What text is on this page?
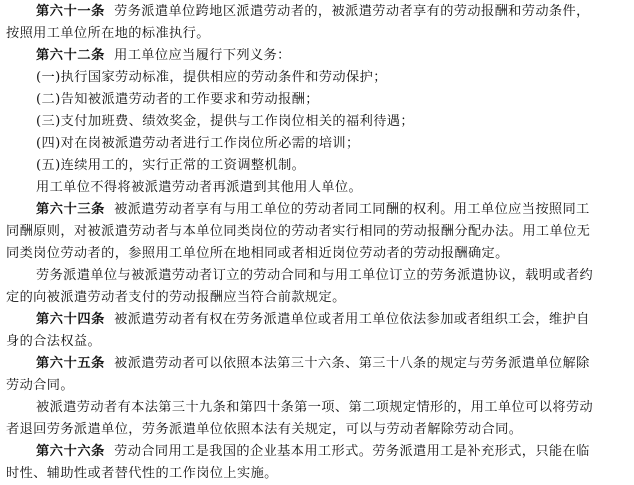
第六十一条 劳务派遣单位跨地区派遣劳动者的，被派遣劳动者享有的劳动报酬和劳动条件，
按照用工单位所在地的标准执行。
第六十二条 用工单位应当履行下列义务：
(一)执行国家劳动标准，提供相应的劳动条件和劳动保护；
(二)告知被派遣劳动者的工作要求和劳动报酬；
(三)支付加班费、绩效奖金，提供与工作岗位相关的福利待遇；
(四)对在岗被派遣劳动者进行工作岗位所必需的培训；
(五)连续用工的，实行正常的工资调整机制。
用工单位不得将被派遣劳动者再派遣到其他用人单位。
第六十三条 被派遣劳动者享有与用工单位的劳动者同工同酬的权利。用工单位应当按照同工
同酬原则，对被派遣劳动者与本单位同类岗位的劳动者实行相同的劳动报酬分配办法。用工单位无
同类岗位劳动者的，参照用工单位所在地相同或者相近岗位劳动者的劳动报酬确定。
劳务派遣单位与被派遣劳动者订立的劳动合同和与用工单位订立的劳务派遣协议，载明或者约
定的向被派遣劳动者支付的劳动报酬应当符合前款规定。
第六十四条 被派遣劳动者有权在劳务派遣单位或者用工单位依法参加或者组织工会，维护自
身的合法权益。
第六十五条 被派遣劳动者可以依照本法第三十六条、第三十八条的规定与劳务派遣单位解除
劳动合同。
被派遣劳动者有本法第三十九条和第四十条第一项、第二项规定情形的，用工单位可以将劳动
者退回劳务派遣单位，劳务派遣单位依照本法有关规定，可以与劳动者解除劳动合同。
第六十六条 劳动合同用工是我国的企业基本用工形式。劳务派遣用工是补充形式，只能在临
时性、辅助性或者替代性的工作岗位上实施。
